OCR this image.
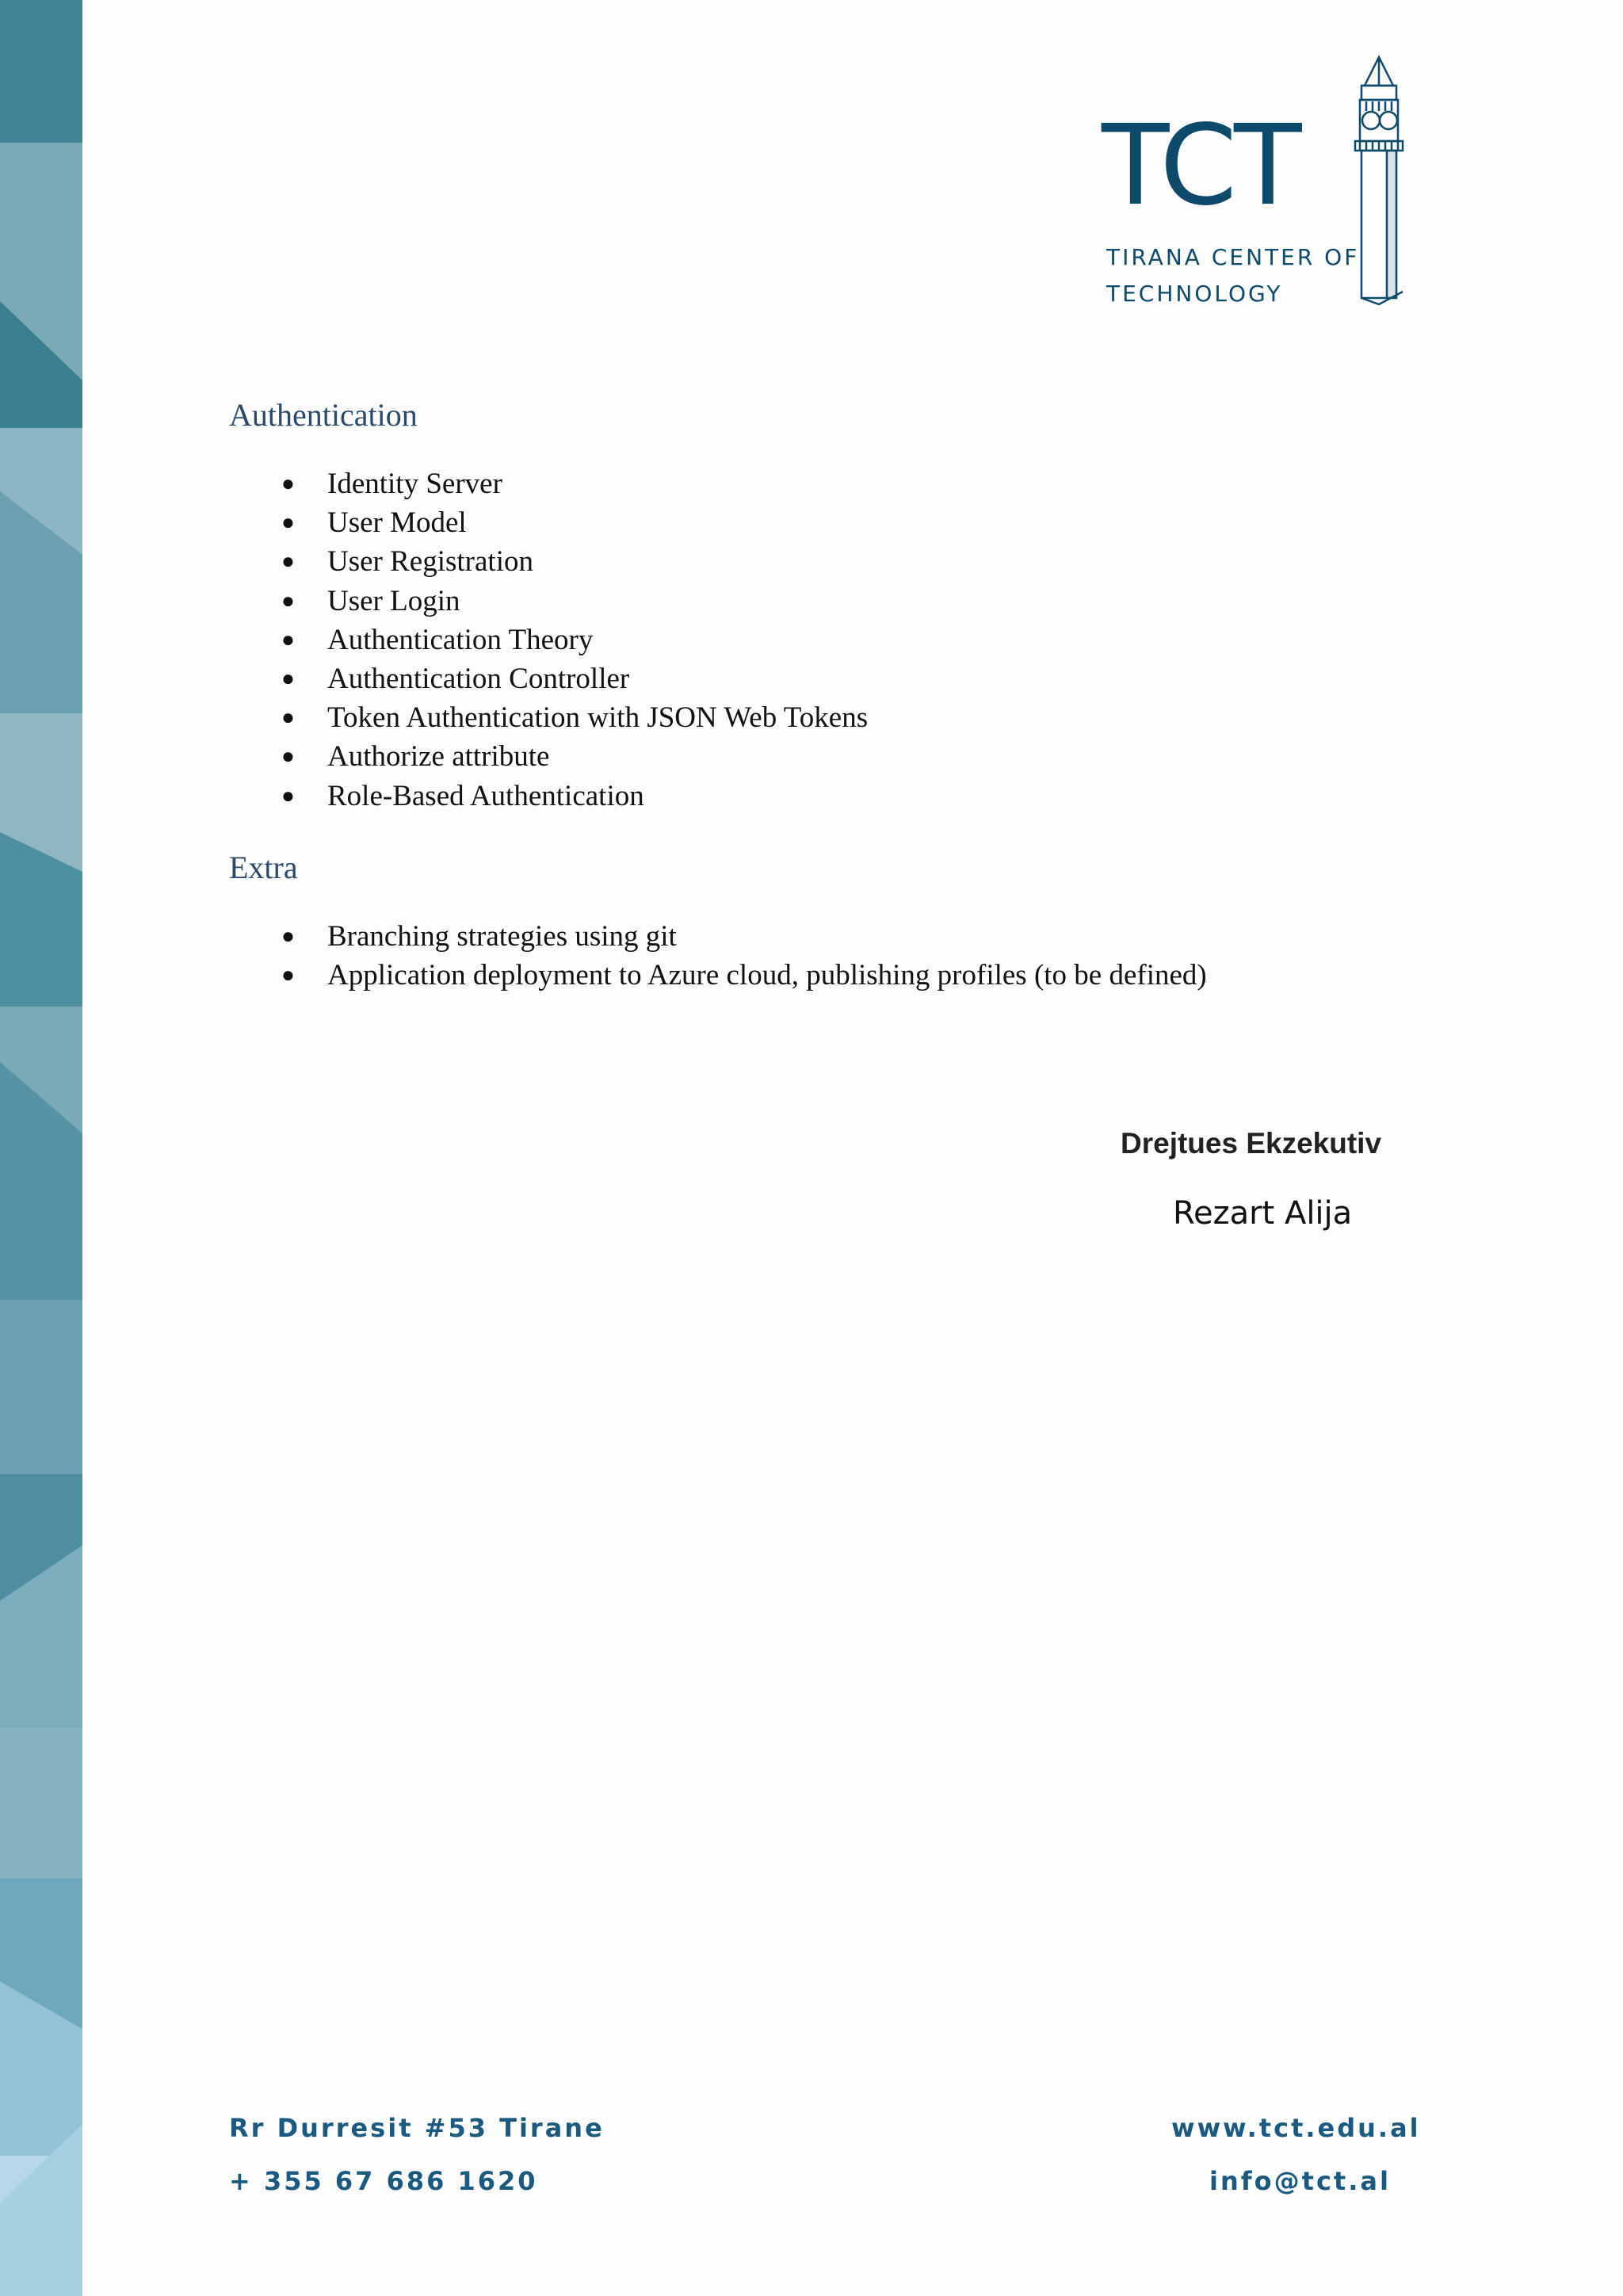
TCT
TIRANA CENTER OF
TECHNOLOGY
Authentication
● Identity Server
● User Model
● User Registration
● User Login
● Authentication Theory
● Authentication Controller
● Token Authentication with JSON Web Tokens
● Authorize attribute
● Role-Based Authentication
Extra
● Branching strategies using git
● Application deployment to Azure cloud, publishing profiles (to be defined)
Drejtues Ekzekutiv
Rezart Alija
Rr Durresit #53 Tirane
+ 355 67 686 1620
www.tct.edu.al
info@tct.al
